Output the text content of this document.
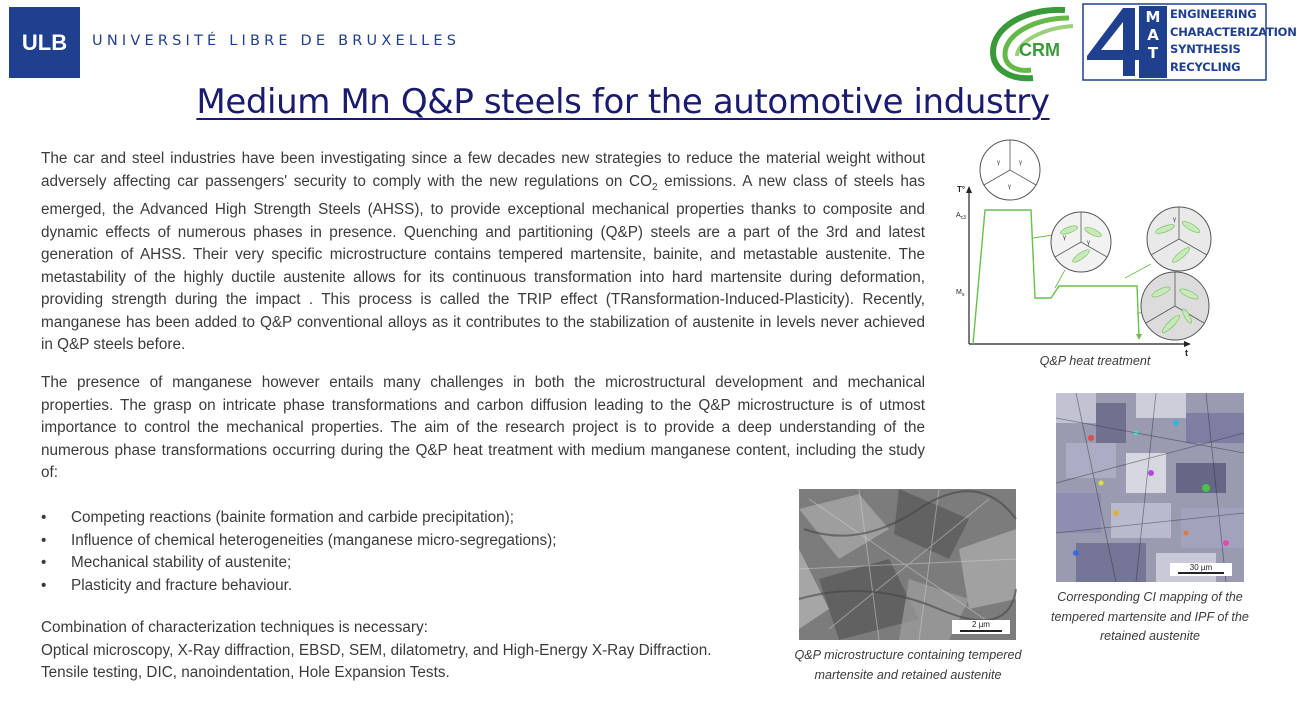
ULB UNIVERSITÉ LIBRE DE BRUXELLES	CRM
M
A
T
ENGINEERING
CHARACTERIZATION
SYNTHESIS
RECYCLING
Medium Mn Q&P steels for the automotive industry
The car and steel industries have been investigating since a few decades new strategies to reduce the material weight without adversely affecting car passengers' security to comply with the new regulations on $CO_2$ emissions. A new class of steels has emerged, the Advanced High Strength Steels (AHSS), to provide exceptional mechanical properties thanks to composite and dynamic effects of numerous phases in presence. Quenching and partitioning (Q&P) steels are a part of the 3rd and latest generation of AHSS. Their very specific microstructure contains tempered martensite, bainite, and metastable austenite. The metastability of the highly ductile austenite allows for its continuous transformation into hard martensite during deformation, providing strength during the impact . This process is called the TRIP effect (TRansformation-Induced-Plasticity). Recently, manganese has been added to Q&P conventional alloys as it contributes to the stabilization of austenite in levels never achieved in Q&P steels before.
The presence of manganese however entails many challenges in both the microstructural development and mechanical properties. The grasp on intricate phase transformations and carbon diffusion leading to the Q&P microstructure is of utmost importance to control the mechanical properties. The aim of the research project is to provide a deep understanding of the numerous phase transformations occurring during the Q&P heat treatment with medium manganese content, including the study of:
• Competing reactions (bainite formation and carbide precipitation);
• Influence of chemical heterogeneities (manganese micro-segregations);
• Mechanical stability of austenite;
• Plasticity and fracture behaviour.
Combination of characterization techniques is necessary:
Optical microscopy, X-Ray diffraction, EBSD, SEM, dilatometry, and High-Energy X-Ray Diffraction.
Tensile testing, DIC, nanoindentation, Hole Expansion Tests.
T°
t
$A_{c3}$
$M_s$
γ	γ
γ
γ
γ
γ
Q&P heat treatment
2 µm
Q&P microstructure containing tempered martensite and retained austenite
30 µm
Corresponding CI mapping of the tempered martensite and IPF of the retained austenite
